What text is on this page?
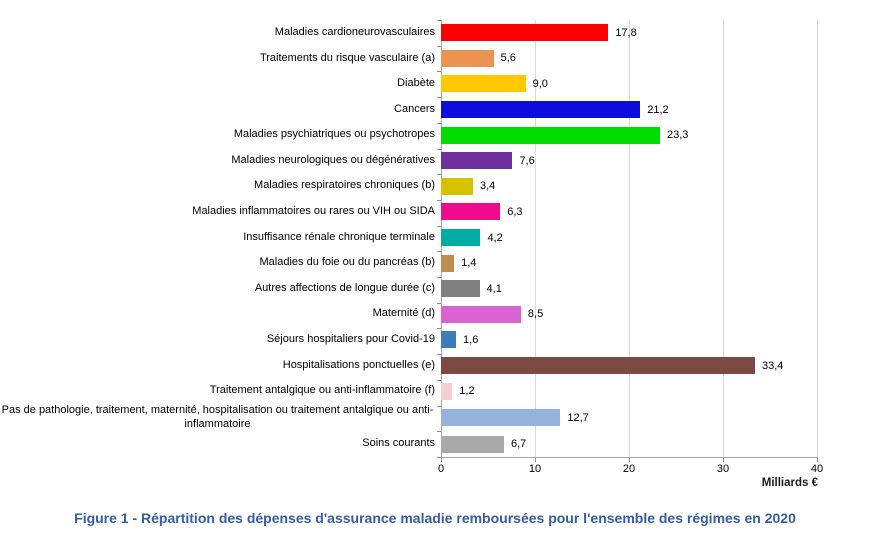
Maladies cardioneurovasculaires	17,8
Traitements du risque vasculaire (a)	5,6
Diabète	9,0
Cancers	21,2
Maladies psychiatriques ou psychotropes	23,3
Maladies neurologiques ou dégénératives	7,6
Maladies respiratoires chroniques (b)	3,4
Maladies inflammatoires ou rares ou VIH ou SIDA	6,3
Insuffisance rénale chronique terminale	4,2
Maladies du foie ou du pancréas (b) 1,4
Autres affections de longue durée (c)	4,1
Maternité (d)	8,5
Séjours hospitaliers pour Covid-19	1,6
Hospitalisations ponctuelles (e)	33,4
Traitement antalgique ou anti-inflammatoire (f) 1,2
Pas de pathologie, traitement, maternité, hospitalisation ou traitement antalgique ou anti-inflammatoire	12,7
Soins courants	6,7
0	10	20	30	40
Milliards €
Figure 1 - Répartition des dépenses d'assurance maladie remboursées pour l'ensemble des régimes en 2020
